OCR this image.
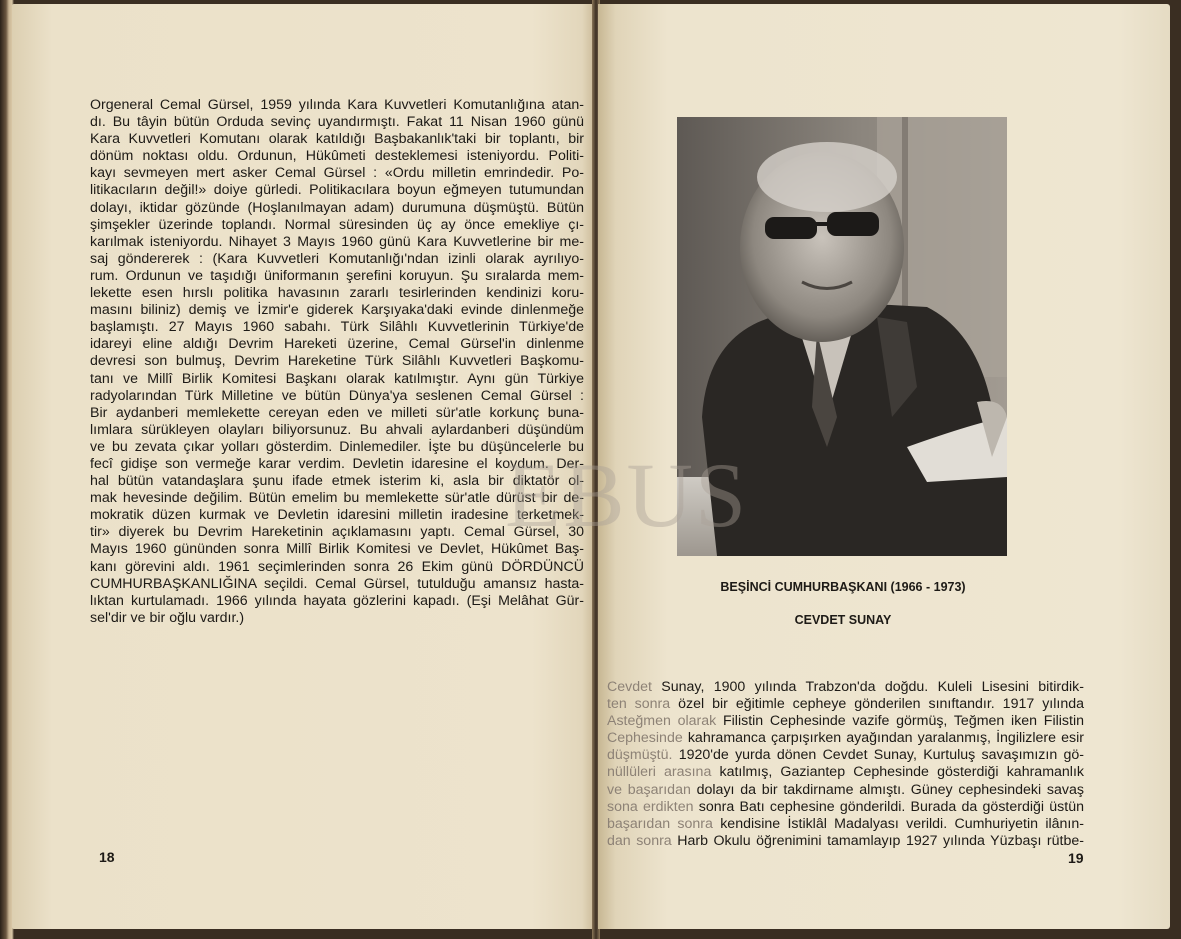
Orgeneral Cemal Gürsel, 1959 yılında Kara Kuvvetleri Komutanlığına atan-
dı. Bu tâyin bütün Orduda sevinç uyandırmıştı. Fakat 11 Nisan 1960 günü
Kara Kuvvetleri Komutanı olarak katıldığı Başbakanlık'taki bir toplantı, bir
dönüm noktası oldu. Ordunun, Hükûmeti desteklemesi isteniyordu. Politi-
kayı sevmeyen mert asker Cemal Gürsel : «Ordu milletin emrindedir. Po-
litikacıların değil!» doiye gürledi. Politikacılara boyun eğmeyen tutumundan
dolayı, iktidar gözünde (Hoşlanılmayan adam) durumuna düşmüştü. Bütün
şimşekler üzerinde toplandı. Normal süresinden üç ay önce emekliye çı-
karılmak isteniyordu. Nihayet 3 Mayıs 1960 günü Kara Kuvvetlerine bir me-
saj göndererek : (Kara Kuvvetleri Komutanlığı'ndan izinli olarak ayrılıyo-
rum. Ordunun ve taşıdığı üniformanın şerefini koruyun. Şu sıralarda mem-
lekette esen hırslı politika havasının zararlı tesirlerinden kendinizi koru-
masını biliniz) demiş ve İzmir'e giderek Karşıyaka'daki evinde dinlenmeğe
başlamıştı. 27 Mayıs 1960 sabahı. Türk Silâhlı Kuvvetlerinin Türkiye'de
idareyi eline aldığı Devrim Hareketi üzerine, Cemal Gürsel'in dinlenme
devresi son bulmuş, Devrim Hareketine Türk Silâhlı Kuvvetleri Başkomu-
tanı ve Millî Birlik Komitesi Başkanı olarak katılmıştır. Aynı gün Türkiye
radyolarından Türk Milletine ve bütün Dünya'ya seslenen Cemal Gürsel :
Bir aydanberi memlekette cereyan eden ve milleti sür'atle korkunç buna-
lımlara sürükleyen olayları biliyorsunuz. Bu ahvali aylardanberi düşündüm
ve bu zevata çıkar yolları gösterdim. Dinlemediler. İşte bu düşüncelerle bu
fecî gidişe son vermeğe karar verdim. Devletin idaresine el koydum. Der-
hal bütün vatandaşlara şunu ifade etmek isterim ki, asla bir diktatör ol-
mak hevesinde değilim. Bütün emelim bu memlekette sür'atle dürüst bir de-
mokratik düzen kurmak ve Devletin idaresini milletin iradesine terketmek-
tir» diyerek bu Devrim Hareketinin açıklamasını yaptı. Cemal Gürsel, 30
Mayıs 1960 gününden sonra Millî Birlik Komitesi ve Devlet, Hükûmet Baş-
kanı görevini aldı. 1961 seçimlerinden sonra 26 Ekim günü DÖRDÜNCÜ
CUMHURBAŞKANLIĞINA seçildi. Cemal Gürsel, tutulduğu amansız hasta-
lıktan kurtulamadı. 1966 yılında hayata gözlerini kapadı. (Eşi Melâhat Gür-
sel'dir ve bir oğlu vardır.)
18
BEŞİNCİ CUMHURBAŞKANI (1966 - 1973)
CEVDET SUNAY
Cevdet Sunay, 1900 yılında Trabzon'da doğdu. Kuleli Lisesini bitirdik-
ten sonra özel bir eğitimle cepheye gönderilen sınıftandır. 1917 yılında
Asteğmen olarak Filistin Cephesinde vazife görmüş, Teğmen iken Filistin
Cephesinde kahramanca çarpışırken ayağından yaralanmış, İngilizlere esir
düşmüştü. 1920'de yurda dönen Cevdet Sunay, Kurtuluş savaşımızın gö-
nüllüleri arasına katılmış, Gaziantep Cephesinde gösterdiği kahramanlık
ve başarıdan dolayı da bir takdirname almıştı. Güney cephesindeki savaş
sona erdikten sonra Batı cephesine gönderildi. Burada da gösterdiği üstün
başarıdan sonra kendisine İstiklâl Madalyası verildi. Cumhuriyetin ilânın-
dan sonra Harb Okulu öğrenimini tamamlayıp 1927 yılında Yüzbaşı rütbe-
19
EBUS
